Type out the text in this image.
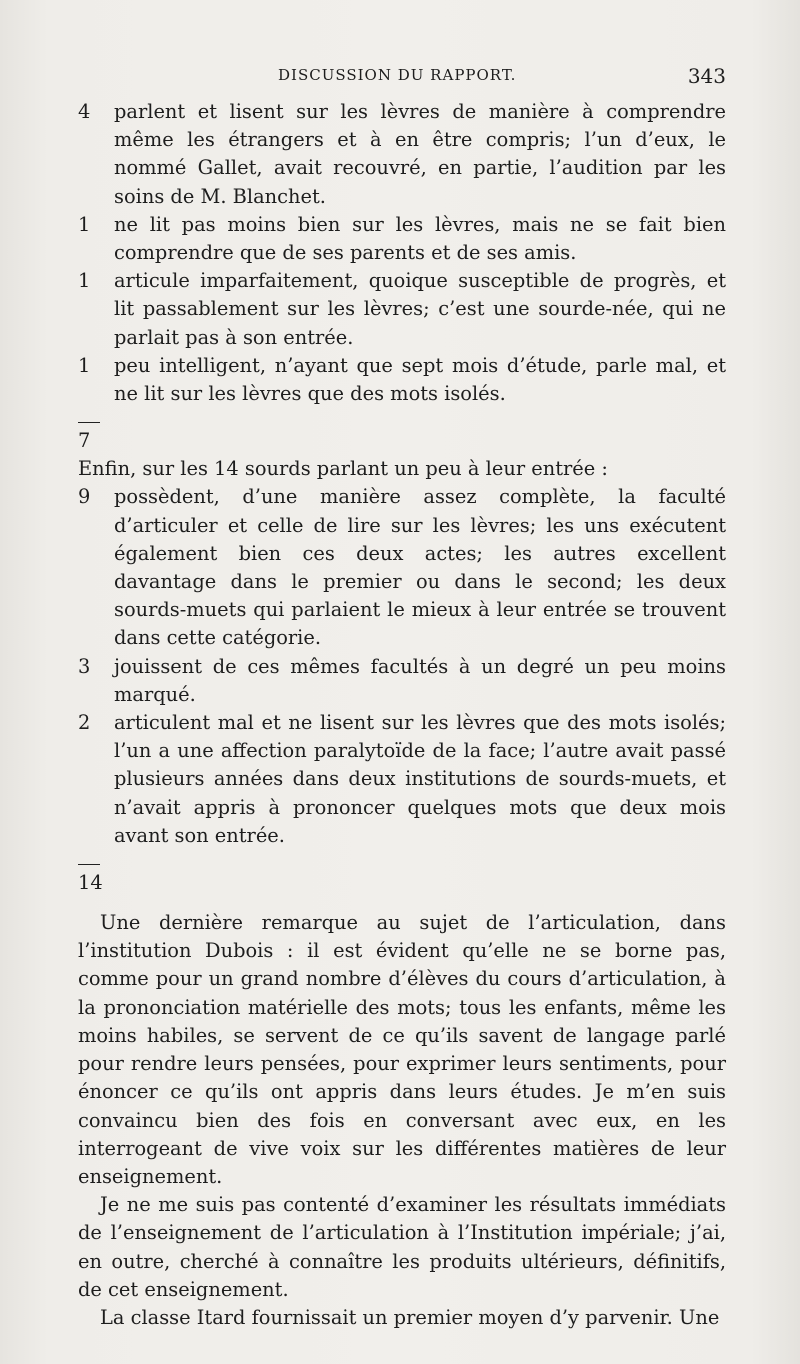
DISCUSSION DU RAPPORT.	343
4	parlent et lisent sur les lèvres de manière à comprendre même les étrangers et à en être compris; l’un d’eux, le nommé Gallet, avait recouvré, en partie, l’audition par les soins de M. Blanchet.
1	ne lit pas moins bien sur les lèvres, mais ne se fait bien comprendre que de ses parents et de ses amis.
1	articule imparfaitement, quoique susceptible de progrès, et lit passablement sur les lèvres; c’est une sourde-née, qui ne parlait pas à son entrée.
1	peu intelligent, n’ayant que sept mois d’étude, parle mal, et ne lit sur les lèvres que des mots isolés.

7

Enfin, sur les 14 sourds parlant un peu à leur entrée :

9	possèdent, d’une manière assez complète, la faculté d’articuler et celle de lire sur les lèvres; les uns exécutent également bien ces deux actes; les autres excellent davantage dans le premier ou dans le second; les deux sourds-muets qui parlaient le mieux à leur entrée se trouvent dans cette catégorie.
3	jouissent de ces mêmes facultés à un degré un peu moins marqué.
2	articulent mal et ne lisent sur les lèvres que des mots isolés; l’un a une affection paralytoïde de la face; l’autre avait passé plusieurs années dans deux institutions de sourds-muets, et n’avait appris à prononcer quelques mots que deux mois avant son entrée.

14

Une dernière remarque au sujet de l’articulation, dans l’institution Dubois : il est évident qu’elle ne se borne pas, comme pour un grand nombre d’élèves du cours d’articulation, à la prononciation matérielle des mots; tous les enfants, même les moins habiles, se servent de ce qu’ils savent de langage parlé pour rendre leurs pensées, pour exprimer leurs sentiments, pour énoncer ce qu’ils ont appris dans leurs études. Je m’en suis convaincu bien des fois en conversant avec eux, en les interrogeant de vive voix sur les différentes matières de leur enseignement.

Je ne me suis pas contenté d’examiner les résultats immédiats de l’enseignement de l’articulation à l’Institution impériale; j’ai, en outre, cherché à connaître les produits ultérieurs, définitifs, de cet enseignement.

La classe Itard fournissait un premier moyen d’y parvenir. Une
